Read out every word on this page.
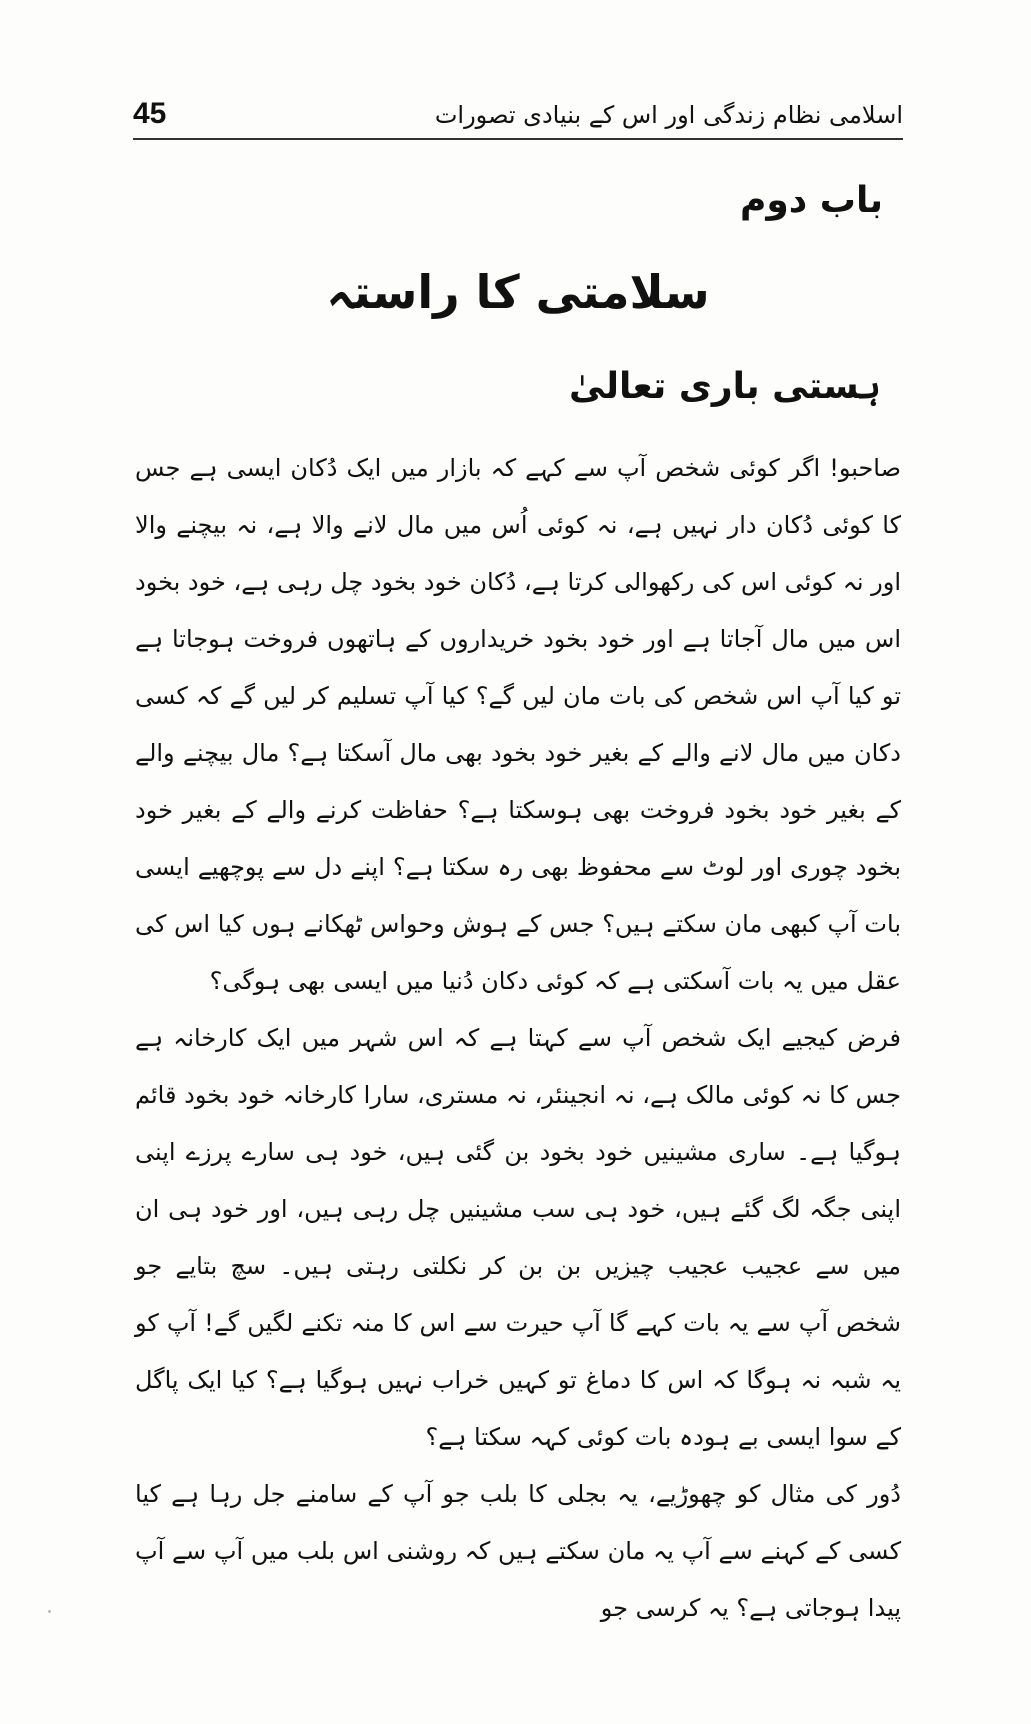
45	اسلامی نظام زندگی اور اس کے بنیادی تصورات
باب دوم
سلامتی کا راستہ
ہستی باری تعالیٰ

صاحبو! اگر کوئی شخص آپ سے کہے کہ بازار میں ایک دُکان ایسی ہے جس کا کوئی دُکان دار نہیں ہے، نہ کوئی اُس میں مال لانے والا ہے، نہ بیچنے والا اور نہ کوئی اس کی رکھوالی کرتا ہے، دُکان خود بخود چل رہی ہے، خود بخود اس میں مال آجاتا ہے اور خود بخود خریداروں کے ہاتھوں فروخت ہوجاتا ہے تو کیا آپ اس شخص کی بات مان لیں گے؟ کیا آپ تسلیم کر لیں گے کہ کسی دکان میں مال لانے والے کے بغیر خود بخود بھی مال آسکتا ہے؟ مال بیچنے والے کے بغیر خود بخود فروخت بھی ہوسکتا ہے؟ حفاظت کرنے والے کے بغیر خود بخود چوری اور لوٹ سے محفوظ بھی رہ سکتا ہے؟ اپنے دل سے پوچھیے ایسی بات آپ کبھی مان سکتے ہیں؟ جس کے ہوش وحواس ٹھکانے ہوں کیا اس کی عقل میں یہ بات آسکتی ہے کہ کوئی دکان دُنیا میں ایسی بھی ہوگی؟

فرض کیجیے ایک شخص آپ سے کہتا ہے کہ اس شہر میں ایک کارخانہ ہے جس کا نہ کوئی مالک ہے، نہ انجینئر، نہ مستری، سارا کارخانہ خود بخود قائم ہوگیا ہے۔ ساری مشینیں خود بخود بن گئی ہیں، خود ہی سارے پرزے اپنی اپنی جگہ لگ گئے ہیں، خود ہی سب مشینیں چل رہی ہیں، اور خود ہی ان میں سے عجیب عجیب چیزیں بن بن کر نکلتی رہتی ہیں۔ سچ بتایے جو شخص آپ سے یہ بات کہے گا آپ حیرت سے اس کا منہ تکنے لگیں گے! آپ کو یہ شبہ نہ ہوگا کہ اس کا دماغ تو کہیں خراب نہیں ہوگیا ہے؟ کیا ایک پاگل کے سوا ایسی بے ہودہ بات کوئی کہہ سکتا ہے؟

دُور کی مثال کو چھوڑیے، یہ بجلی کا بلب جو آپ کے سامنے جل رہا ہے کیا کسی کے کہنے سے آپ یہ مان سکتے ہیں کہ روشنی اس بلب میں آپ سے آپ پیدا ہوجاتی ہے؟ یہ کرسی جو
